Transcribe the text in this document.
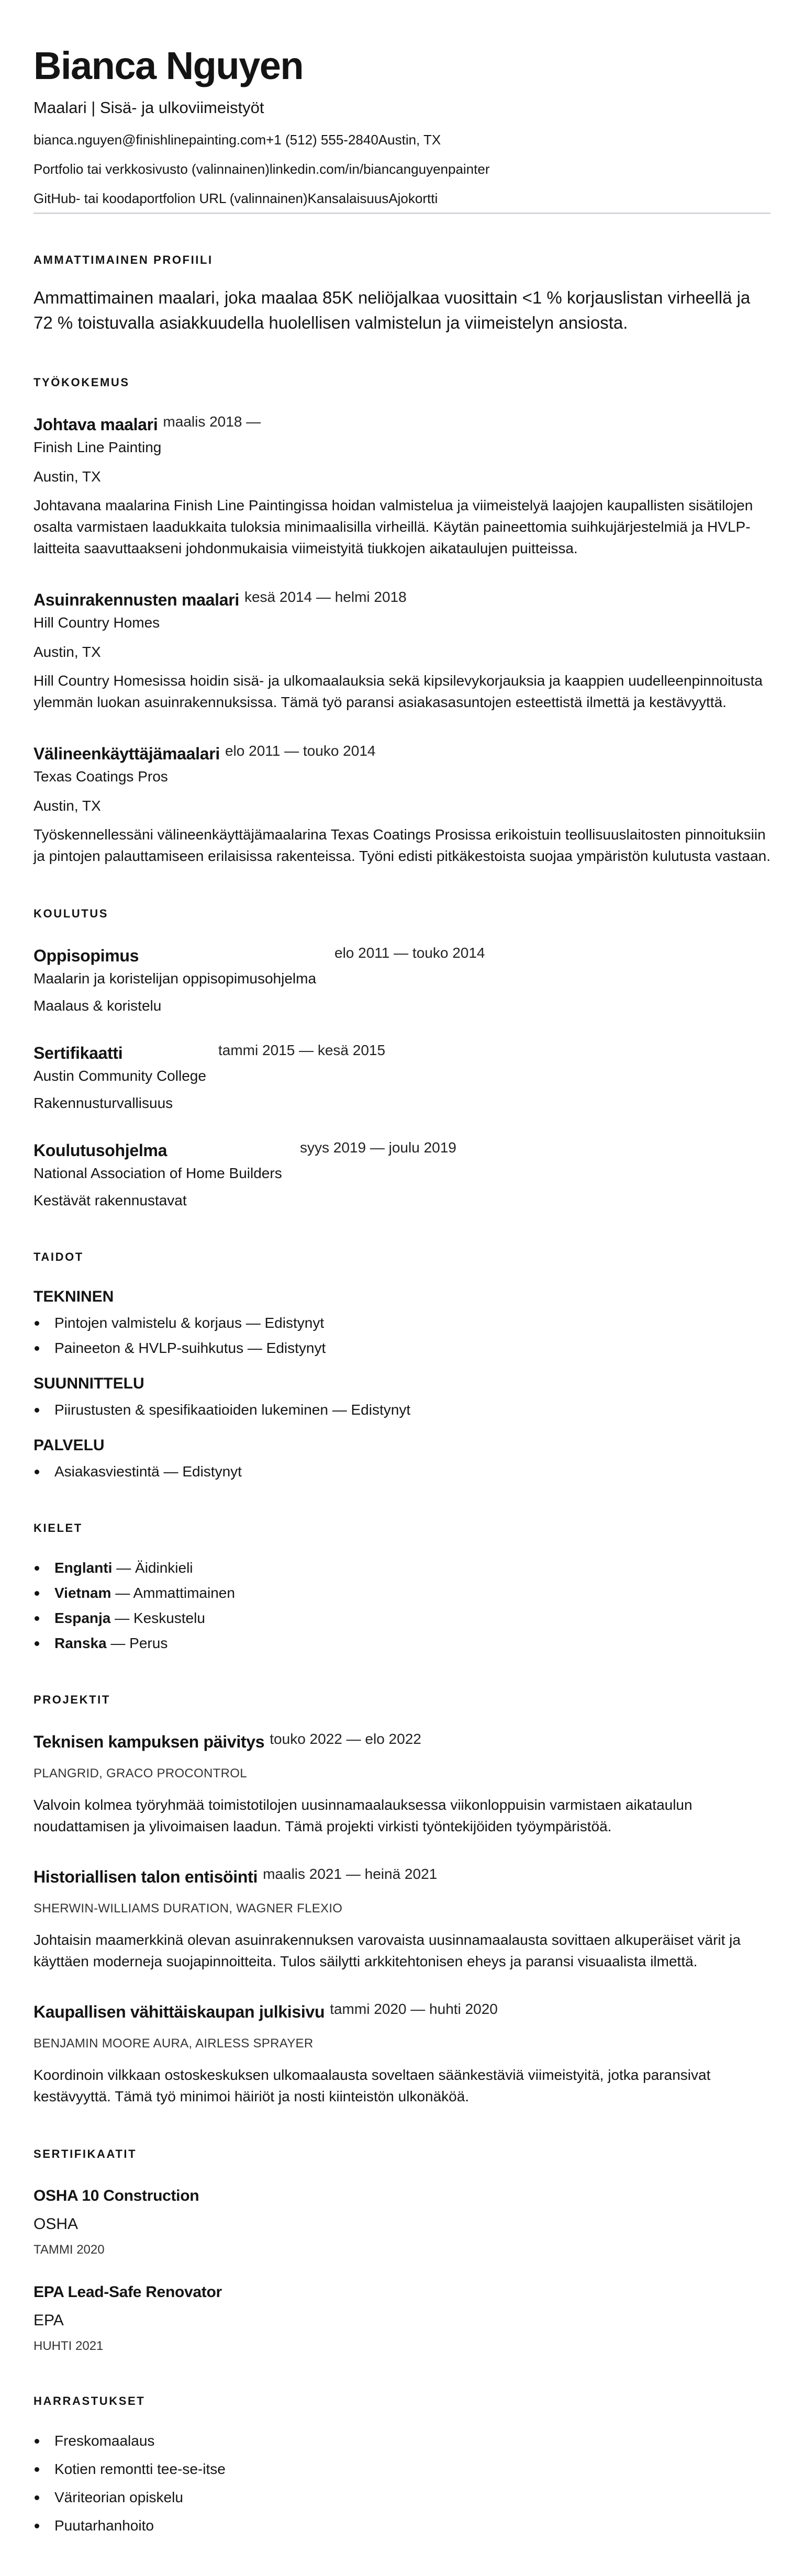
Bianca Nguyen
Maalari | Sisä- ja ulkoviimeistyöt
bianca.nguyen@finishlinepainting.com+1 (512) 555-2840Austin, TX
Portfolio tai verkkosivusto (valinnainen)linkedin.com/in/biancanguyenpainter
GitHub- tai koodaportfolion URL (valinnainen)KansalaisuusAjokortti
AMMATTIMAINEN PROFIILI
Ammattimainen maalari, joka maalaa 85K neliöjalkaa vuosittain <1 % korjauslistan virheellä ja 72 % toistuvalla asiakkuudella huolellisen valmistelun ja viimeistelyn ansiosta.
TYÖKOKEMUS
Johtava maalari maalis 2018 —
Finish Line Painting
Austin, TX
Johtavana maalarina Finish Line Paintingissa hoidan valmistelua ja viimeistelyä laajojen kaupallisten sisätilojen osalta varmistaen laadukkaita tuloksia minimaalisilla virheillä. Käytän paineettomia suihkujärjestelmiä ja HVLP-laitteita saavuttaakseni johdonmukaisia viimeistyitä tiukkojen aikataulujen puitteissa.
Asuinrakennusten maalari kesä 2014 — helmi 2018
Hill Country Homes
Austin, TX
Hill Country Homesissa hoidin sisä- ja ulkomaalauksia sekä kipsilevykorjauksia ja kaappien uudelleenpinnoitusta ylemmän luokan asuinrakennuksissa. Tämä työ paransi asiakasasuntojen esteettistä ilmettä ja kestävyyttä.
Välineenkäyttäjämaalari elo 2011 — touko 2014
Texas Coatings Pros
Austin, TX
Työskennellessäni välineenkäyttäjämaalarina Texas Coatings Prosissa erikoistuin teollisuuslaitosten pinnoituksiin ja pintojen palauttamiseen erilaisissa rakenteissa. Työni edisti pitkäkestoista suojaa ympäristön kulutusta vastaan.
KOULUTUS
Oppisopimus	elo 2011 — touko 2014
Maalarin ja koristelijan oppisopimusohjelma
Maalaus & koristelu
Sertifikaatti	tammi 2015 — kesä 2015
Austin Community College
Rakennusturvallisuus
Koulutusohjelma	syys 2019 — joulu 2019
National Association of Home Builders
Kestävät rakennustavat
TAIDOT
TEKNINEN
Pintojen valmistelu & korjaus — Edistynyt
Paineeton & HVLP-suihkutus — Edistynyt
SUUNNITTELU
Piirustusten & spesifikaatioiden lukeminen — Edistynyt
PALVELU
Asiakasviestintä — Edistynyt
KIELET
Englanti — Äidinkieli
Vietnam — Ammattimainen
Espanja — Keskustelu
Ranska — Perus
PROJEKTIT
Teknisen kampuksen päivitys touko 2022 — elo 2022
PLANGRID, GRACO PROCONTROL
Valvoin kolmea työryhmää toimistotilojen uusinnamaalauksessa viikonloppuisin varmistaen aikataulun noudattamisen ja ylivoimaisen laadun. Tämä projekti virkisti työntekijöiden työympäristöä.
Historiallisen talon entisöinti maalis 2021 — heinä 2021
SHERWIN-WILLIAMS DURATION, WAGNER FLEXIO
Johtaisin maamerkkinä olevan asuinrakennuksen varovaista uusinnamaalausta sovittaen alkuperäiset värit ja käyttäen moderneja suojapinnoitteita. Tulos säilytti arkkitehtonisen eheys ja paransi visuaalista ilmettä.
Kaupallisen vähittäiskaupan julkisivu tammi 2020 — huhti 2020
BENJAMIN MOORE AURA, AIRLESS SPRAYER
Koordinoin vilkkaan ostoskeskuksen ulkomaalausta soveltaen säänkestäviä viimeistyitä, jotka paransivat kestävyyttä. Tämä työ minimoi häiriöt ja nosti kiinteistön ulkonäköä.
SERTIFIKAATIT
OSHA 10 Construction
OSHA
TAMMI 2020
EPA Lead-Safe Renovator
EPA
HUHTI 2021
HARRASTUKSET
Freskomaalaus
Kotien remontti tee-se-itse
Väriteorian opiskelu
Puutarhanhoito
